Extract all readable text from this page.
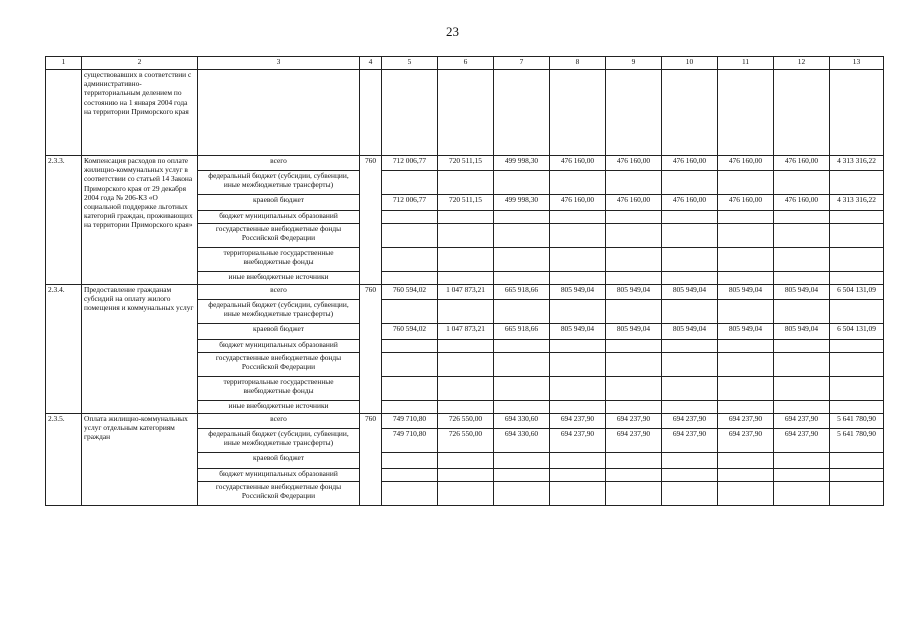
23
1	2	3	4	5	6	7	8	9	10	11	12	13
	существовавших в соответствии с административно-территориальным делением по состоянию на 1 января 2004 года на территории Приморского края											
2.3.3.	Компенсация расходов по оплате жилищно-коммунальных услуг в соответствии со статьей 14 Закона Приморского края от 29 декабря 2004 года № 206-КЗ «О социальной поддержке льготных категорий граждан, проживающих на территории Приморского края»	всего	760	712 006,77	720 511,15	499 998,30	476 160,00	476 160,00	476 160,00	476 160,00	476 160,00	4 313 316,22
		федеральный бюджет (субсидии, субвенции, иные межбюджетные трансферты)										
		краевой бюджет		712 006,77	720 511,15	499 998,30	476 160,00	476 160,00	476 160,00	476 160,00	476 160,00	4 313 316,22
		бюджет муниципальных образований										
		государственные внебюджетные фонды Российской Федерации										
		территориальные государственные внебюджетные фонды										
		иные внебюджетные источники										
2.3.4.	Предоставление гражданам субсидий на оплату жилого помещения и коммунальных услуг	всего	760	760 594,02	1 047 873,21	665 918,66	805 949,04	805 949,04	805 949,04	805 949,04	805 949,04	6 504 131,09
		федеральный бюджет (субсидии, субвенции, иные межбюджетные трансферты)										
		краевой бюджет		760 594,02	1 047 873,21	665 918,66	805 949,04	805 949,04	805 949,04	805 949,04	805 949,04	6 504 131,09
		бюджет муниципальных образований										
		государственные внебюджетные фонды Российской Федерации										
		территориальные государственные внебюджетные фонды										
		иные внебюджетные источники										
2.3.5.	Оплата жилищно-коммунальных услуг отдельным категориям граждан	всего	760	749 710,80	726 550,00	694 330,60	694 237,90	694 237,90	694 237,90	694 237,90	694 237,90	5 641 780,90
		федеральный бюджет (субсидии, субвенции, иные межбюджетные трансферты)		749 710,80	726 550,00	694 330,60	694 237,90	694 237,90	694 237,90	694 237,90	694 237,90	5 641 780,90
		краевой бюджет										
		бюджет муниципальных образований										
		государственные внебюджетные фонды Российской Федерации										
